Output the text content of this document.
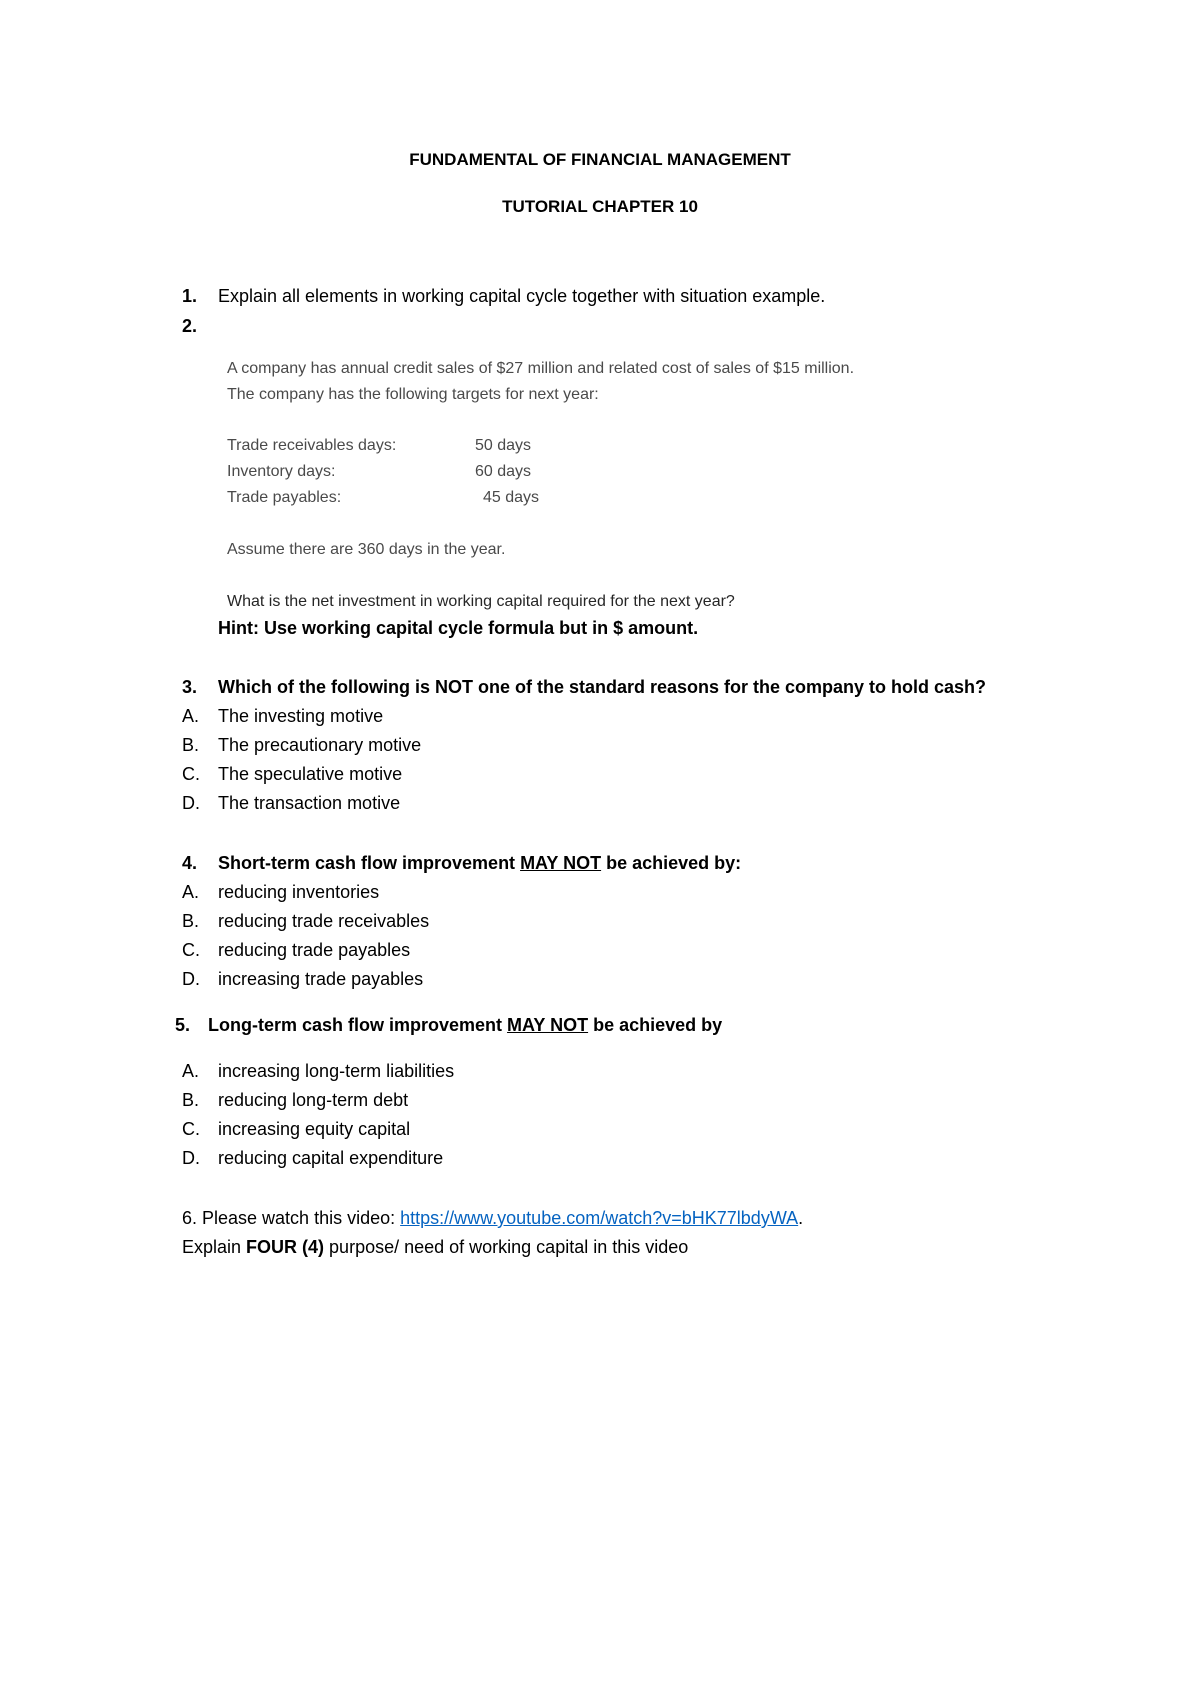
FUNDAMENTAL OF FINANCIAL MANAGEMENT
TUTORIAL CHAPTER 10
1. Explain all elements in working capital cycle together with situation example.
2.
A company has annual credit sales of $27 million and related cost of sales of $15 million.
The company has the following targets for next year:
Trade receivables days:	50 days
Inventory days:	60 days
Trade payables:	45 days
Assume there are 360 days in the year.
What is the net investment in working capital required for the next year?
Hint: Use working capital cycle formula but in $ amount.
3. Which of the following is NOT one of the standard reasons for the company to hold cash?
A. The investing motive
B. The precautionary motive
C. The speculative motive
D. The transaction motive
4. Short-term cash flow improvement MAY NOT be achieved by:
A. reducing inventories
B. reducing trade receivables
C. reducing trade payables
D. increasing trade payables
5. Long-term cash flow improvement MAY NOT be achieved by
A. increasing long-term liabilities
B. reducing long-term debt
C. increasing equity capital
D. reducing capital expenditure
6. Please watch this video: https://www.youtube.com/watch?v=bHK77lbdyWA.
Explain FOUR (4) purpose/ need of working capital in this video
